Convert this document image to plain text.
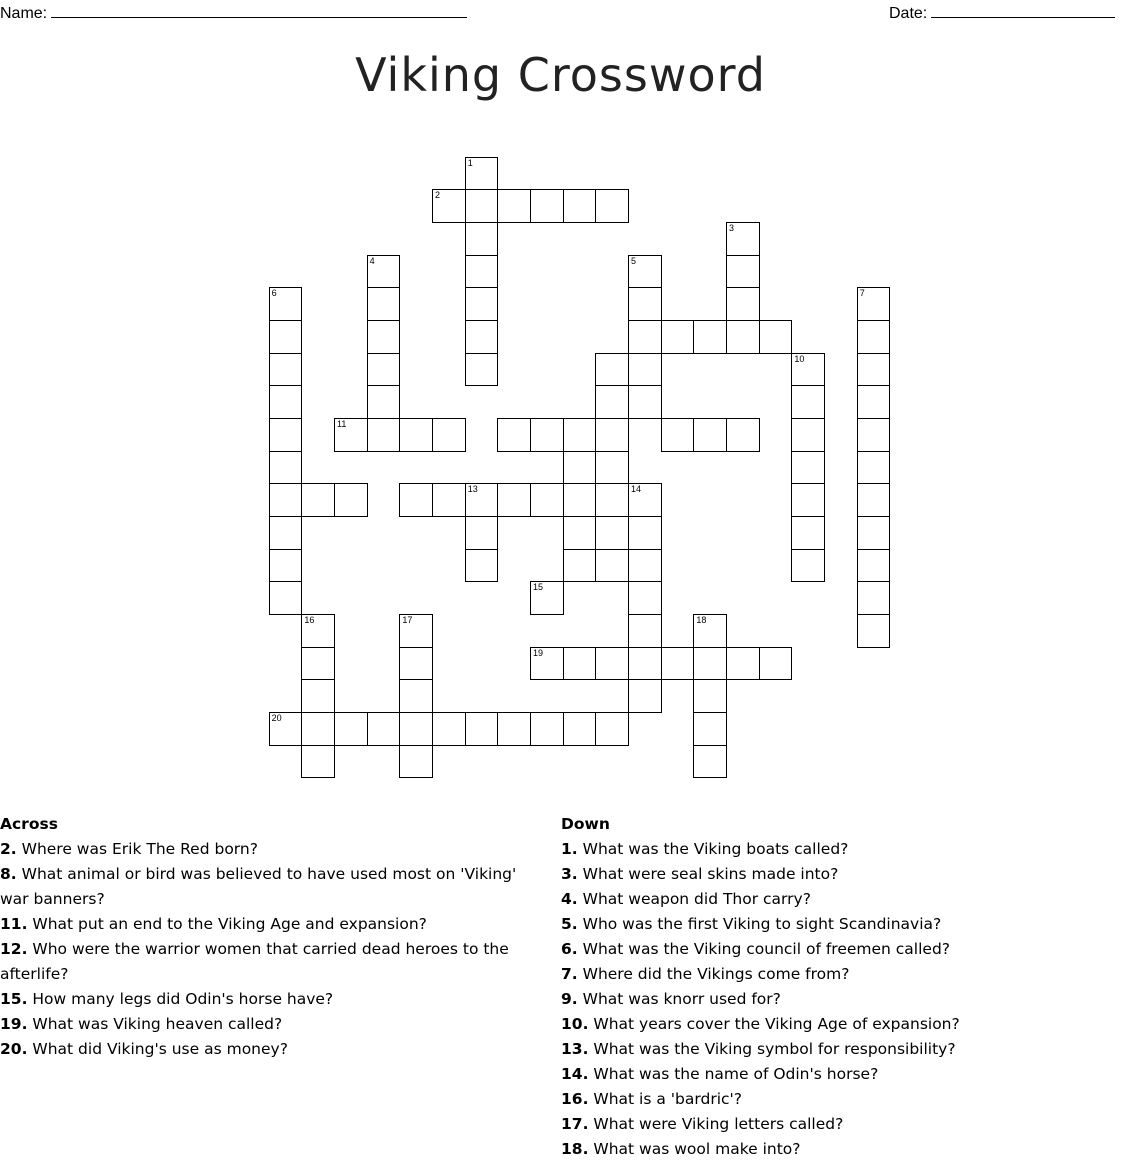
Name:	Date:
Viking Crossword
1
2
3
4	5
6	7
10
11
13	14
15
16	17	18
19
20
Across
2. Where was Erik The Red born?
8. What animal or bird was believed to have used most on 'Viking' war banners?
11. What put an end to the Viking Age and expansion?
12. Who were the warrior women that carried dead heroes to the afterlife?
15. How many legs did Odin's horse have?
19. What was Viking heaven called?
20. What did Viking's use as money?
Down
1. What was the Viking boats called?
3. What were seal skins made into?
4. What weapon did Thor carry?
5. Who was the first Viking to sight Scandinavia?
6. What was the Viking council of freemen called?
7. Where did the Vikings come from?
9. What was knorr used for?
10. What years cover the Viking Age of expansion?
13. What was the Viking symbol for responsibility?
14. What was the name of Odin's horse?
16. What is a 'bardric'?
17. What were Viking letters called?
18. What was wool make into?
